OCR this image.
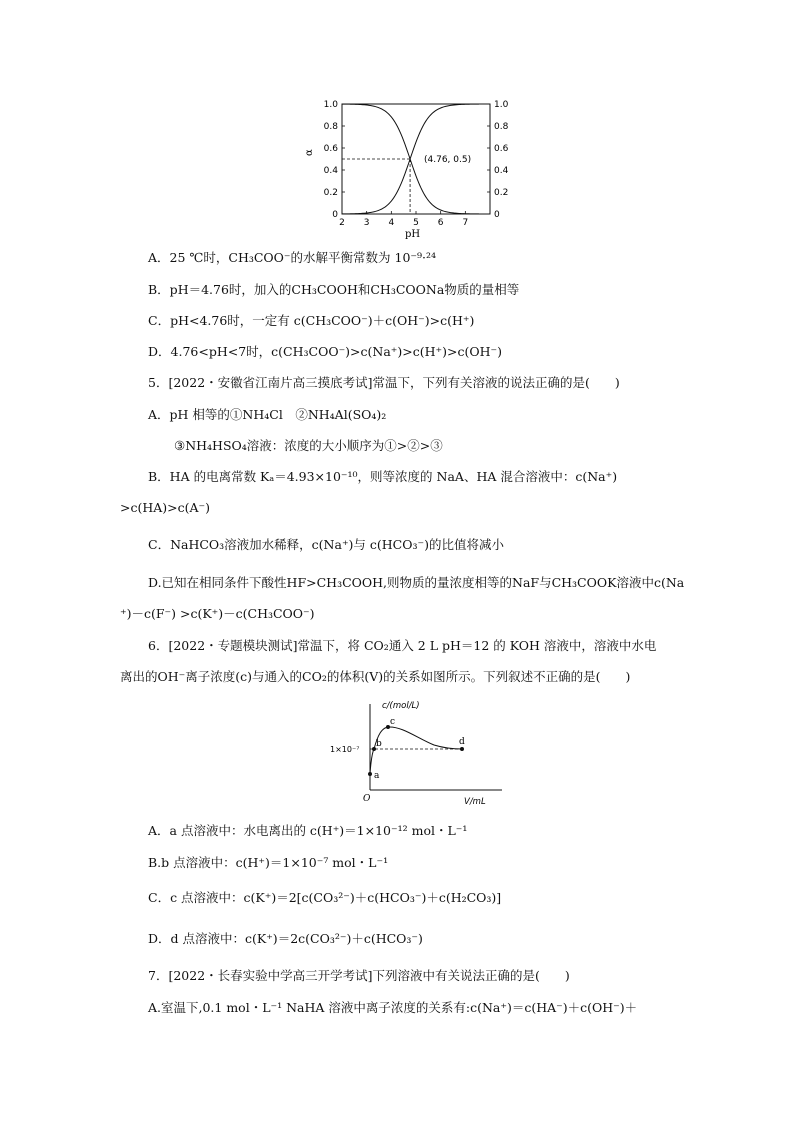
α
pH
1.0	1.0
0.8	0.8
0.6	0.6
0.4	0.4
0.2	0.2
0	0
2 3 4 5 6 7
(4.76, 0.5)
A．25 ℃时，CH₃COO⁻的水解平衡常数为 10⁻⁹·²⁴
B．pH＝4.76时，加入的CH₃COOH和CH₃COONa物质的量相等
C．pH<4.76时，一定有 c(CH₃COO⁻)＋c(OH⁻)>c(H⁺)
D．4.76<pH<7时，c(CH₃COO⁻)>c(Na⁺)>c(H⁺)>c(OH⁻)
5．[2022・安徽省江南片高三摸底考试]常温下，下列有关溶液的说法正确的是(　　)
A．pH 相等的①NH₄Cl　②NH₄Al(SO₄)₂
③NH₄HSO₄溶液：浓度的大小顺序为①>②>③
B．HA 的电离常数 Kₐ＝4.93×10⁻¹⁰，则等浓度的 NaA、HA 混合溶液中：c(Na⁺)
>c(HA)>c(A⁻)
C．NaHCO₃溶液加水稀释，c(Na⁺)与 c(HCO₃⁻)的比值将减小
D.已知在相同条件下酸性HF>CH₃COOH,则物质的量浓度相等的NaF与CH₃COOK溶液中c(Na
⁺)－c(F⁻) >c(K⁺)－c(CH₃COO⁻)
6．[2022・专题模块测试]常温下，将 CO₂通入 2 L pH＝12 的 KOH 溶液中，溶液中水电
离出的OH⁻离子浓度(c)与通入的CO₂的体积(V)的关系如图所示。下列叙述不正确的是(　　)
c/(mol/L)
V/mL
O
1×10⁻⁷
a
b
c
d
A．a 点溶液中：水电离出的 c(H⁺)＝1×10⁻¹² mol・L⁻¹
B.b 点溶液中：c(H⁺)＝1×10⁻⁷ mol・L⁻¹
C．c 点溶液中：c(K⁺)＝2[c(CO₃²⁻)＋c(HCO₃⁻)＋c(H₂CO₃)]
D．d 点溶液中：c(K⁺)＝2c(CO₃²⁻)＋c(HCO₃⁻)
7．[2022・长春实验中学高三开学考试]下列溶液中有关说法正确的是(　　)
A.室温下,0.1 mol・L⁻¹ NaHA 溶液中离子浓度的关系有:c(Na⁺)＝c(HA⁻)＋c(OH⁻)＋
